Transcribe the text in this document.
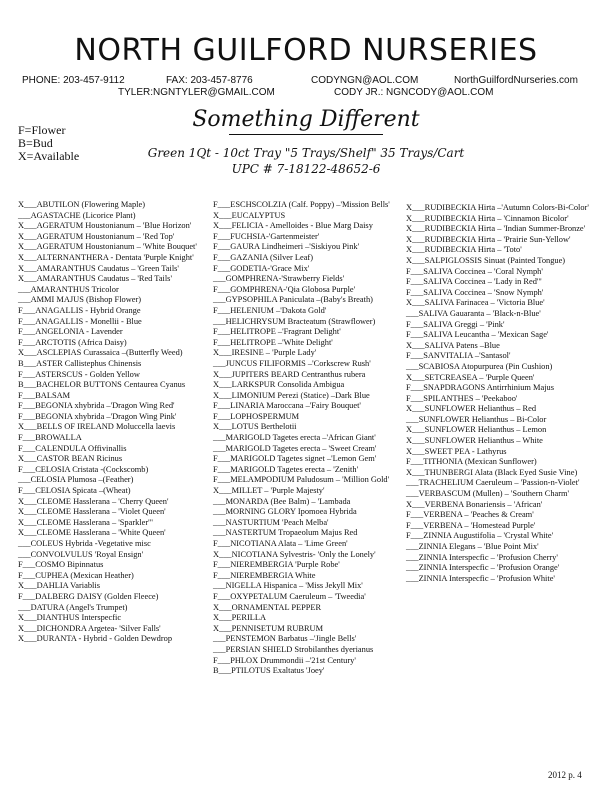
NORTH GUILFORD NURSERIES
PHONE: 203-457-9112	FAX: 203-457-8776	CODYNGN@AOL.COM	NorthGuilfordNurseries.com
TYLER:NGNTYLER@GMAIL.COM	CODY JR.: NGNCODY@AOL.COM
F=Flower
B=Bud
X=Available
Something Different
Green 1Qt - 10ct Tray "5 Trays/Shelf" 35 Trays/Cart
UPC # 7-18122-48652-6
X___ABUTILON (Flowering Maple)
___AGASTACHE (Licorice Plant)
X___AGERATUM Houstonianum – 'Blue Horizon'
X___AGERATUM Houstonianum – 'Red Top'
X___AGERATUM Houstonianum – 'White Bouquet'
X___ALTERNANTHERA - Dentata 'Purple Knight'
X___AMARANTHUS Caudatus – 'Green Tails'
X___AMARANTHUS Caudatus – 'Red Tails'
___AMARANTHUS Tricolor
___AMMI MAJUS (Bishop Flower)
F___ANAGALLIS - Hybrid Orange
F___ANAGALLIS - Monellii - Blue
F___ANGELONIA - Lavender
F___ARCTOTIS (Africa Daisy)
X___ASCLEPIAS Curassaica –(Butterfly Weed)
B___ASTER Callistephus Chinensis
F___ASTERSCUS - Golden Yellow
B___BACHELOR BUTTONS Centaurea Cyanus
F___BALSAM
F___BEGONIA xhybrida –'Dragon Wing Red'
F___BEGONIA xhybrida –'Dragon Wing Pink'
X___BELLS OF IRELAND Moluccella laevis
F___BROWALLA
F___CALENDULA Offivinallis
X___CASTOR BEAN Ricinus
F___CELOSIA Cristata -(Cockscomb)
___CELOSIA Plumosa –(Feather)
F___CELOSIA Spicata –(Wheat)
X___CLEOME Hasslerana – 'Cherry Queen'
X___CLEOME Hasslerana – 'Violet Queen'
X___CLEOME Hasslerana – 'Sparkler'"
X___CLEOME Hasslerana – 'White Queen'
___COLEUS Hybrida -Vegetative misc
___CONVOLVULUS 'Royal Ensign'
F___COSMO Bipinnatus
F___CUPHEA (Mexican Heather)
X___DAHLIA Variablis
F___DALBERG DAISY (Golden Fleece)
___DATURA (Angel's Trumpet)
X___DIANTHUS Interspecfic
X___DICHONDRA Argetea- 'Silver Falls'
X___DURANTA - Hybrid - Golden Dewdrop
F___ESCHSCOLZIA (Calf. Poppy) –'Mission Bells'
X___EUCALYPTUS
X___FELICIA - Amelloides - Blue Marg Daisy
F___FUCHSIA-'Gartenmeister'
F___GAURA Lindheimeri –'Siskiyou Pink'
F___GAZANIA (Silver Leaf)
F___GODETIA-'Grace Mix'
___GOMPHRENA-'Strawberry Fields'
F___GOMPHRENA-'Qia Globosa Purple'
___GYPSOPHILA Paniculata –(Baby's Breath)
F___HELENIUM –'Dakota Gold'
___HELICHRYSUM Bracteatum (Strawflower)
F___HELITROPE –'Fragrant Delight'
F___HELITROPE –'White Delight'
X___IRESINE – 'Purple Lady'
___JUNCUS FILIFORMIS –'Corkscrew Rush'
X___JUPITERS BEARD Centranthus rubera
X___LARKSPUR Consolida Ambigua
X___LIMONIUM Perezi (Statice) –Dark Blue
F___LINARIA Maroccana –'Fairy Bouquet'
F___LOPHOSPERMUM
X___LOTUS Berthelotii
___MARIGOLD Tagetes erecta –'African Giant'
___MARIGOLD Tagetes erecta – 'Sweet Cream'
F___MARIGOLD Tagetes signet –'Lemon Gem'
F___MARIGOLD Tagetes erecta – 'Zenith'
F___MELAMPODIUM Paludosum – 'Million Gold'
X___MILLET – 'Purple Majesty'
___MONARDA (Bee Balm) – 'Lambada
___MORNING GLORY Ipomoea Hybrida
___NASTURTIUM 'Peach Melba'
___NASTERTUM Tropaeolum Majus Red
F___NICOTIANA Alata – 'Lime Green'
X___NICOTIANA Sylvestris- 'Only the Lonely'
F___NIEREMBERGIA 'Purple Robe'
F___NIEREMBERGIA White
___NIGELLA Hispanica – 'Miss Jekyll Mix'
F___OXYPETALUM Caeruleum – 'Tweedia'
X___ORNAMENTAL PEPPER
X___PERILLA
X___PENNISETUM RUBRUM
___PENSTEMON Barbatus –'Jingle Bells'
___PERSIAN SHIELD Strobilanthes dyerianus
F___PHLOX Drummondii –'21st Century'
B___PTILOTUS Exaltatus 'Joey'
X___RUDIBECKIA Hirta –'Autumn Colors-Bi-Color'
X___RUDIBECKIA Hirta – 'Cinnamon Bicolor'
X___RUDIBECKIA Hirta – 'Indian Summer-Bronze'
X___RUDIBECKIA Hirta – 'Prairie Sun-Yellow'
X___RUDIBECKIA Hirta – 'Toto'
X___SALPIGLOSSIS Sinuat (Painted Tongue)
F___SALIVA Coccinea – 'Coral Nymph'
F___SALIVA Coccinea – 'Lady in Red'"
F___SALIVA Coccinea – 'Snow Nymph'
X___SALIVA Farinacea – 'Victoria Blue'
___SALIVA Gauaranta – 'Black-n-Blue'
F___SALIVA Greggi – 'Pink'
F___SALIVA Leucantha – 'Mexican Sage'
X___SALIVA Patens –Blue
F___SANVITALIA –'Santasol'
___SCABIOSA Atopurpurea (Pin Cushion)
X___SETCREASEA – 'Purple Queen'
F___SNAPDRAGONS Antirrhinium Majus
F___SPILANTHES – 'Peekaboo'
X___SUNFLOWER Helianthus – Red
___SUNFLOWER Helianthus – Bi-Color
X___SUNFLOWER Helianthus – Lemon
X___SUNFLOWER Helianthus – White
X___SWEET PEA - Lathyrus
F___TITHONIA (Mexican Sunflower)
X___THUNBERGI Alata (Black Eyed Susie Vine)
___TRACHELIUM Caeruleum – 'Passion-n-Violet'
___VERBASCUM (Mullen) – 'Southern Charm'
X___VERBENA Bonariensis – 'African'
F___VERBENA – 'Peaches & Cream'
F___VERBENA – 'Homestead Purple'
F___ZINNIA Augustifolia – 'Crystal White'
___ZINNIA Elegans – 'Blue Point Mix'
___ZINNIA Interspecfic – 'Profusion Cherry'
___ZINNIA Interspecfic – 'Profusion Orange'
___ZINNIA Interspecfic – 'Profusion White'
2012 p. 4
